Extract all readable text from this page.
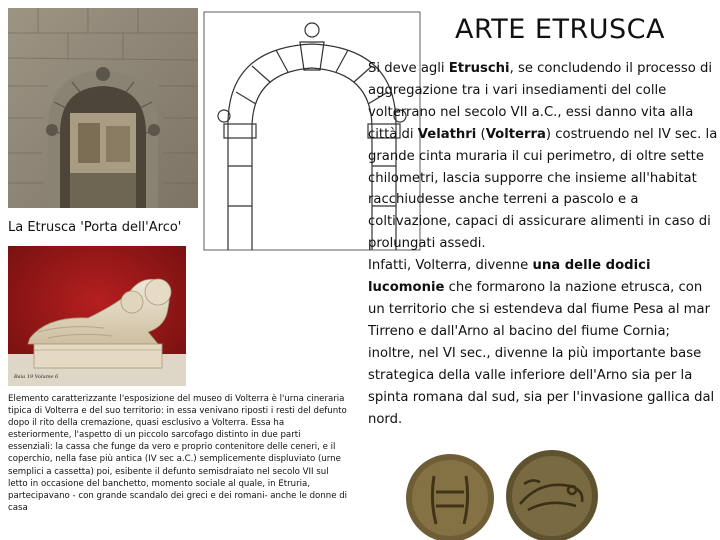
ARTE ETRUSCA
La Etrusca 'Porta dell'Arco'
Baia 19 Volume 6
Elemento caratterizzante l'esposizione del museo di Volterra è l'urna cineraria tipica di Volterra e del suo territorio: in essa venivano riposti i resti del defunto dopo il rito della cremazione, quasi esclusivo a Volterra. Essa ha esteriormente, l'aspetto di un piccolo sarcofago distinto in due parti essenziali: la cassa che funge da vero e proprio contenitore delle ceneri, e il coperchio, nella fase più antica (IV sec a.C.) semplicemente displuviato (urne semplici a cassetta) poi, esibente il defunto semisdraiato nel secolo VII sul letto in occasione del banchetto, momento sociale al quale, in Etruria, partecipavano - con grande scandalo dei greci e dei romani- anche le donne di casa
Si deve agli Etruschi, se concludendo il processo di aggregazione tra i vari insediamenti del colle volterrano nel secolo VII a.C., essi danno vita alla città di Velathri (Volterra) costruendo nel IV sec. la grande cinta muraria il cui perimetro, di oltre sette chilometri, lascia supporre che insieme all'habitat racchiudesse anche terreni a pascolo e a coltivazione, capaci di assicurare alimenti in caso di prolungati assedi.
Infatti, Volterra, divenne una delle dodici lucomonie che formarono la nazione etrusca, con un territorio che si estendeva dal fiume Pesa al mar Tirreno e dall'Arno al bacino del fiume Cornia; inoltre, nel VI sec., divenne la più importante base strategica della valle inferiore dell'Arno sia per la spinta romana dal sud, sia per l'invasione gallica dal nord.
